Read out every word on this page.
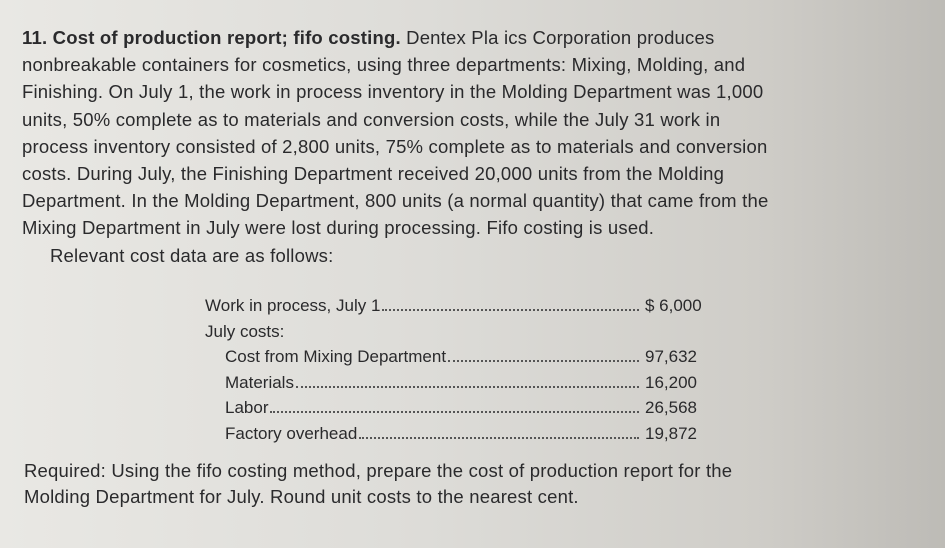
11. Cost of production report; fifo costing. Dentex Pla ics Corporation produces
nonbreakable containers for cosmetics, using three departments: Mixing, Molding, and
Finishing. On July 1, the work in process inventory in the Molding Department was 1,000
units, 50% complete as to materials and conversion costs, while the July 31 work in
process inventory consisted of 2,800 units, 75% complete as to materials and conversion
costs. During July, the Finishing Department received 20,000 units from the Molding
Department. In the Molding Department, 800 units (a normal quantity) that came from the
Mixing Department in July were lost during processing. Fifo costing is used.
Relevant cost data are as follows:
Work in process, July 1	$ 6,000
July costs:
Cost from Mixing Department	97,632
Materials	16,200
Labor	26,568
Factory overhead	19,872
Required: Using the fifo costing method, prepare the cost of production report for the
Molding Department for July. Round unit costs to the nearest cent.
